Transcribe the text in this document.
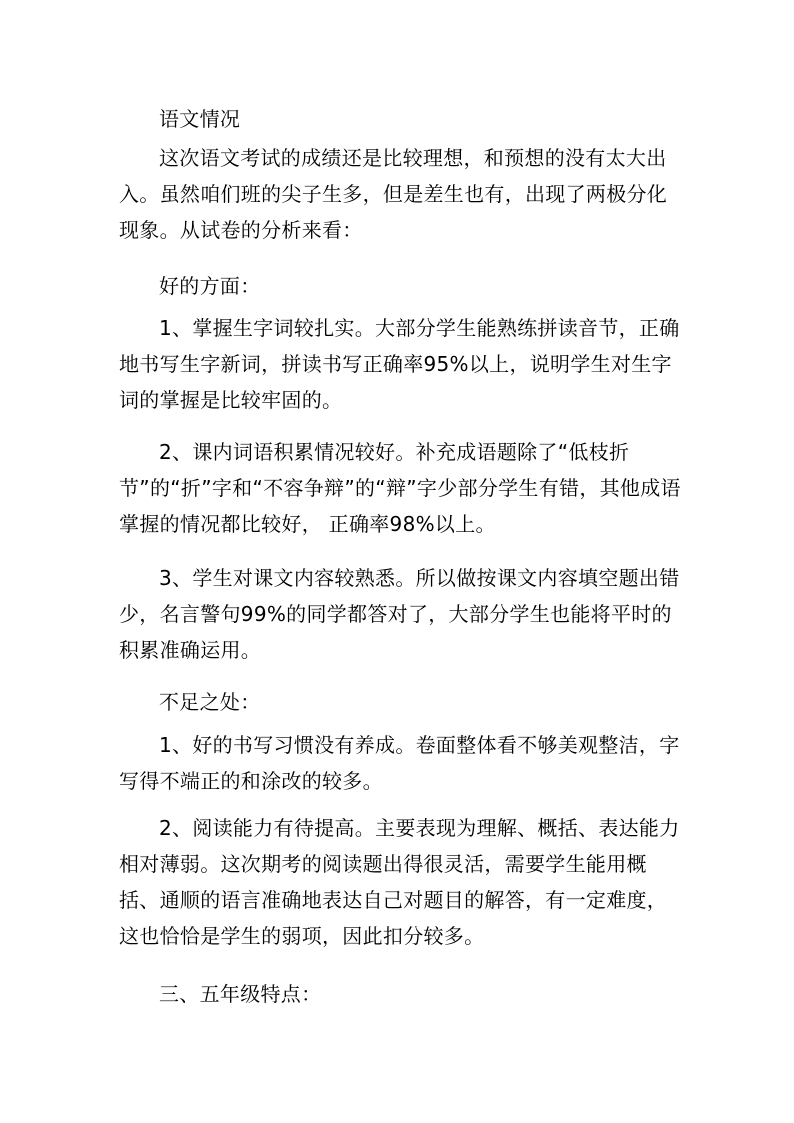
语文情况

这次语文考试的成绩还是比较理想，和预想的没有太大出入。虽然咱们班的尖子生多，但是差生也有，出现了两极分化现象。从试卷的分析来看：

好的方面：

1、掌握生字词较扎实。大部分学生能熟练拼读音节，正确地书写生字新词，拼读书写正确率95%以上，说明学生对生字词的掌握是比较牢固的。

2、课内词语积累情况较好。补充成语题除了“低枝折节”的“折”字和“不容争辩”的“辩”字少部分学生有错，其他成语掌握的情况都比较好， 正确率98%以上。

3、学生对课文内容较熟悉。所以做按课文内容填空题出错少，名言警句99%的同学都答对了，大部分学生也能将平时的积累准确运用。

不足之处：

1、好的书写习惯没有养成。卷面整体看不够美观整洁，字写得不端正的和涂改的较多。

2、阅读能力有待提高。主要表现为理解、概括、表达能力相对薄弱。这次期考的阅读题出得很灵活，需要学生能用概括、通顺的语言准确地表达自己对题目的解答，有一定难度，这也恰恰是学生的弱项，因此扣分较多。

三、五年级特点：
